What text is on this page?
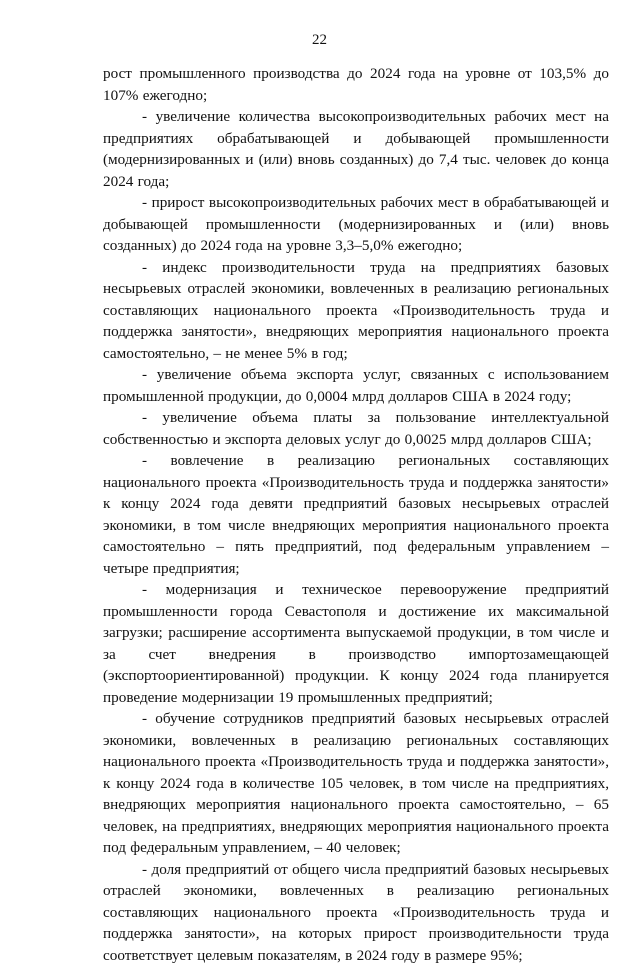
22

рост промышленного производства до 2024 года на уровне от 103,5% до 107% ежегодно;

- увеличение количества высокопроизводительных рабочих мест на предприятиях обрабатывающей и добывающей промышленности (модернизированных и (или) вновь созданных) до 7,4 тыс. человек до конца 2024 года;

- прирост высокопроизводительных рабочих мест в обрабатывающей и добывающей промышленности (модернизированных и (или) вновь созданных) до 2024 года на уровне 3,3–5,0% ежегодно;

- индекс производительности труда на предприятиях базовых несырьевых отраслей экономики, вовлеченных в реализацию региональных составляющих национального проекта «Производительность труда и поддержка занятости», внедряющих мероприятия национального проекта самостоятельно, – не менее 5% в год;

- увеличение объема экспорта услуг, связанных с использованием промышленной продукции, до 0,0004 млрд долларов США в 2024 году;

- увеличение объема платы за пользование интеллектуальной собственностью и экспорта деловых услуг до 0,0025 млрд долларов США;

- вовлечение в реализацию региональных составляющих национального проекта «Производительность труда и поддержка занятости» к концу 2024 года девяти предприятий базовых несырьевых отраслей экономики, в том числе внедряющих мероприятия национального проекта самостоятельно – пять предприятий, под федеральным управлением – четыре предприятия;

- модернизация и техническое перевооружение предприятий промышленности города Севастополя и достижение их максимальной загрузки; расширение ассортимента выпускаемой продукции, в том числе и за счет внедрения в производство импортозамещающей (экспортоориентированной) продукции. К концу 2024 года планируется проведение модернизации 19 промышленных предприятий;

- обучение сотрудников предприятий базовых несырьевых отраслей экономики, вовлеченных в реализацию региональных составляющих национального проекта «Производительность труда и поддержка занятости», к концу 2024 года в количестве 105 человек, в том числе на предприятиях, внедряющих мероприятия национального проекта самостоятельно, – 65 человек, на предприятиях, внедряющих мероприятия национального проекта под федеральным управлением, – 40 человек;

- доля предприятий от общего числа предприятий базовых несырьевых отраслей экономики, вовлеченных в реализацию региональных составляющих национального проекта «Производительность труда и поддержка занятости», на которых прирост производительности труда соответствует целевым показателям, в 2024 году в размере 95%;
